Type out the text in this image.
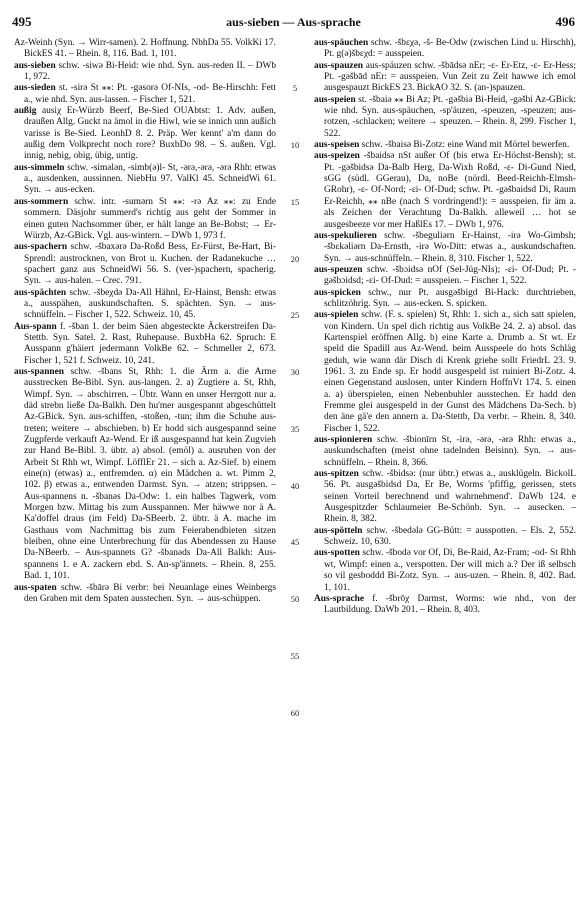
495	aus-sieben — Aus-sprache	496

Az-Weinh (Syn. → Wirr-samen). 2. Hoffnung. NbhDa 55. VolkKi 17. BickES 41. – Rhein. 8, 116. Bad. 1, 101.

aus-sieben schw. -siwə Bi-Heid: wie nhd. Syn. aus-reden II. – DWb 1, 972.

aus-sieden st. -sirə St ⁎⁎: Pt. -gəsorə Of-NIs, -od- Be-Hirschh: Fett a., wie nhd. Syn. aus-lassen. – Fischer 1, 521.

außig ausiχ Er-Würzb Beerf, Be-Sied OUAbtst: 1. Adv. außen, draußen Allg. Guckt na ämol in die Hiwl, wie se innich unn außich varisse is Be-Sied. LeonhD 8. 2. Präp. Wer kennt' a'm dann do außig dem Volkprecht noch rore? BuxbDo 98. – S. außen. Vgl. innig, nebig, obig, übig, untig.

aus-simmeln schw. -simələn, -simb(ə)l- St, -ərə,-ərə, -ərə Rhh: etwas a., ausdenken, aussinnen. NiebHu 97. ValKl 45. SchneidWi 61. Syn. → aus-ecken.

aus-sommern schw. intr. -sumərn St ⁎⁎: -rə Az ⁎⁎: zu Ende sommern. Däsjohr summerd's richtig aus geht der Sommer in einen guten Nachsommer über, er hält lange an Be-Bobst; → Er-Würzb, Az-GBick. Vgl. aus-wintern. – DWb 1, 973 f.

aus-spachern schw. -šbaxərə Da-Roßd Bess, Er-Fürst, Be-Hart, Bi-Sprendl: austrocknen, von Brot u. Kuchen. der Radanekuche … spachert ganz aus SchneidWi 56. S. (ver-)spachern, spacherig. Syn. → aus-halen. – Crec. 791.

aus-spächten schw. -šbeχdə Da-All Hähnl, Er-Hainst, Bensh: etwas a., ausspähen, auskundschaften. S. spächten. Syn. → aus-schnüffeln. – Fischer 1, 522. Schweiz. 10, 45.

Aus-spann f. -šban 1. der beim Säen abgesteckte Äckerstreifen Da-Stettb. Syn. Satel. 2. Rast, Ruhepause. BuxbHa 62. Spruch: E Ausspann g'häiert jedermann VolkBe 62. – Schmeller 2, 673. Fischer 1, 521 f. Schweiz. 10, 241.

aus-spannen schw. -šbans St, Rhh: 1. die Ärm a. die Arme ausstrecken Be-Bibl. Syn. aus-langen. 2. a) Zugtiere a. St, Rhh, Wimpf. Syn. → abschirren. – Übtr. Wann en unser Herrgott nur a. däd strebn ließe Da-Balkh. Den hu'mer ausgespannt abgeschüttelt Az-GBick. Syn. aus-schiffen, -stoßen, -tun; ihm die Schuhe aus-treten; weitere → abschieben. b) Er hodd sich ausgespannd seine Zugpferde verkauft Az-Wend. Er iß ausgespannd hat kein Zugvieh zur Hand Be-Bibl. 3. übtr. a) absol. (emöl) a. ausruhen von der Arbeit St Rhh wt, Wimpf. LöfflEr 21. – sich a. Az-Sief. b) einem eine(n) (etwas) a., entfremden. α) ein Mädchen a. wt. Pimm 2, 102. β) etwas a., entwenden Darmst. Syn. → atzen; strippsen. – Aus-spannens n. -šbanəs Da-Odw: 1. ein halbes Tagwerk, vom Morgen bzw. Mittag bis zum Ausspannen. Mer häwwe nor ä A. Ka'doffel draus (im Feld) Da-SBeerb. 2. übtr. ä A. mache im Gasthaus vom Nachmittag bis zum Feierabendbieten sitzen bleiben, ohne eine Unterbrechung für das Abendessen zu Hause Da-NBeerb. – Aus-spannets G? -šbanəds Da-All Balkh: Aus-spannens 1. e A. zackern ebd. S. An-sp'ännets. – Rhein. 8, 255. Bad. 1, 101.

aus-spaten schw. -šbārə Bi verbr: bei Neuanlage eines Weinbergs den Graben mit dem Spaten ausstechen. Syn. → aus-schüppen.

5
10
15
20
25
30
35
40
45
50
55
60

aus-späuchen schw. -šbɛχə, -š- Be-Odw (zwischen Lind u. Hirschh), Pt. g(ə)šbɛχd: = ausspeien.

aus-spauzen aus-späuzen schw. -šbādsə nEr; -ɛ- Er-Etz, -ɛ- Er-Hess; Pt. -gəšbād nEr: = ausspeien. Vun Zeit zu Zeit hawwe ich emol ausgespauzt BickES 23. BickAO 32. S. (an-)spauzen.

aus-speien st. -šbaiə ⁎⁎ Bi Az; Pt. -gəšbiə Bi-Heid, -gəšbi Az-GBick: wie nhd. Syn. aus-späuchen, -sp'äuzen, -speuzen, -speuzen; aus-rotzen, -schlacken; weitere → speuzen. – Rhein. 8, 299. Fischer 1, 522.

aus-speisen schw. -šbaisə Bi-Zotz: eine Wand mit Mörtel bewerfen.

aus-speizen -šbaidsə nSt außer Of (bis etwa Er-Höchst-Bensh); st. Pt. -gəšbidsə Da-Balb Herg, Da-Wixh Roßd, -ɛ- Di-Gund Nied, sGG (südl. GGerau), Da, noBe (nördl. Beed-Reichh-Elmsh-GRohr), -ɛ- Of-Nord; -ɛi- Of-Dud; schw. Pt. -gəšbaidsd Di, Raum Er-Reichh, ⁎⁎ nBe (nach S vordringend!): = ausspeien. fir äm a. als Zeichen der Verachtung Da-Balkh. alleweil … hot se ausgesbeeze vor mer HaßlEs 17. – DWb 1, 976.

aus-spekulieren schw. -šbeguliərn Er-Hainst, -irə Wo-Gimbsh; -šbɛkəliərn Da-Ernsth, -irə Wo-Ditt: etwas a., auskundschaften. Syn. → aus-schnüffeln. – Rhein. 8, 310. Fischer 1, 522.

aus-speuzen schw. -šbɔidsə nOf (Sel-Jüg-NIs); -ɛi- Of-Dud; Pt. -gəšbɔidsd; -ɛi- Of-Dud: = ausspeien. – Fischer 1, 522.

aus-spicken schw., nur Pt. ausgəšbigd Bi-Hack: durchtrieben, schlitzöhrig. Syn. → aus-ecken. S. spicken.

aus-spielen schw. (F. s. spielen) St, Rhh: 1. sich a., sich satt spielen, von Kindern. Un spel dich richtig aus VolkBe 24. 2. a) absol. das Kartenspiel eröffnen Allg. b) eine Karte a. Drumb a. St wt. Er speld die Spadill aus Az-Wend. beim Ausspeele do hots Schläg geduh, wie wann där Disch di Krenk griehe sollt FriedrL 23. 9. 1961. 3. zu Ende sp. Er hodd ausgespeld ist ruiniert Bi-Zotz. 4. einen Gegenstand auslosen, unter Kindern HoffnVt 174. 5. einen a. a) überspielen, einen Nebenbuhler ausstechen. Er hadd den Fremme glei ausgespeld in der Gunst des Mädchens Da-Sech. b) den äne gä'e den annern a. Da-Stettb, Da verbr. – Rhein. 8, 340. Fischer 1, 522.

aus-spionieren schw. -šbionīrn St, -irə, -ərə, -ərə Rhh: etwas a., auskundschaften (meist ohne tadelnden Beisinn). Syn. → aus-schnüffeln. – Rhein. 8, 366.

aus-spitzen schw. -šbidsə: (nur übtr.) etwas a., ausklügeln. BickolL 56. Pt. ausgəšbidsd Da, Er Be, Worms 'pfiffig, gerissen, stets seinen Vorteil berechnend und wahrnehmend'. DaWb 124. e Ausgespitzder Schlaumeier Be-Schönb. Syn. → ausecken. – Rhein. 8, 382.

aus-spötteln schw. -šbedələ GG-Bütt: = ausspotten. – Els. 2, 552. Schweiz. 10, 630.

aus-spotten schw. -šbodə vor Of, Di, Be-Raid, Az-Fram; -od- St Rhh wt, Wimpf: einen a., verspotten. Der will mich a.? Der iß selbsch so vil gesboddd Bi-Zotz. Syn. → aus-uzen. – Rhein. 8, 402. Bad. 1, 101.

Aus-sprache f. -šbrōχ Darmst, Worms: wie nhd., von der Lautbildung. DaWb 201. – Rhein. 8, 403.
